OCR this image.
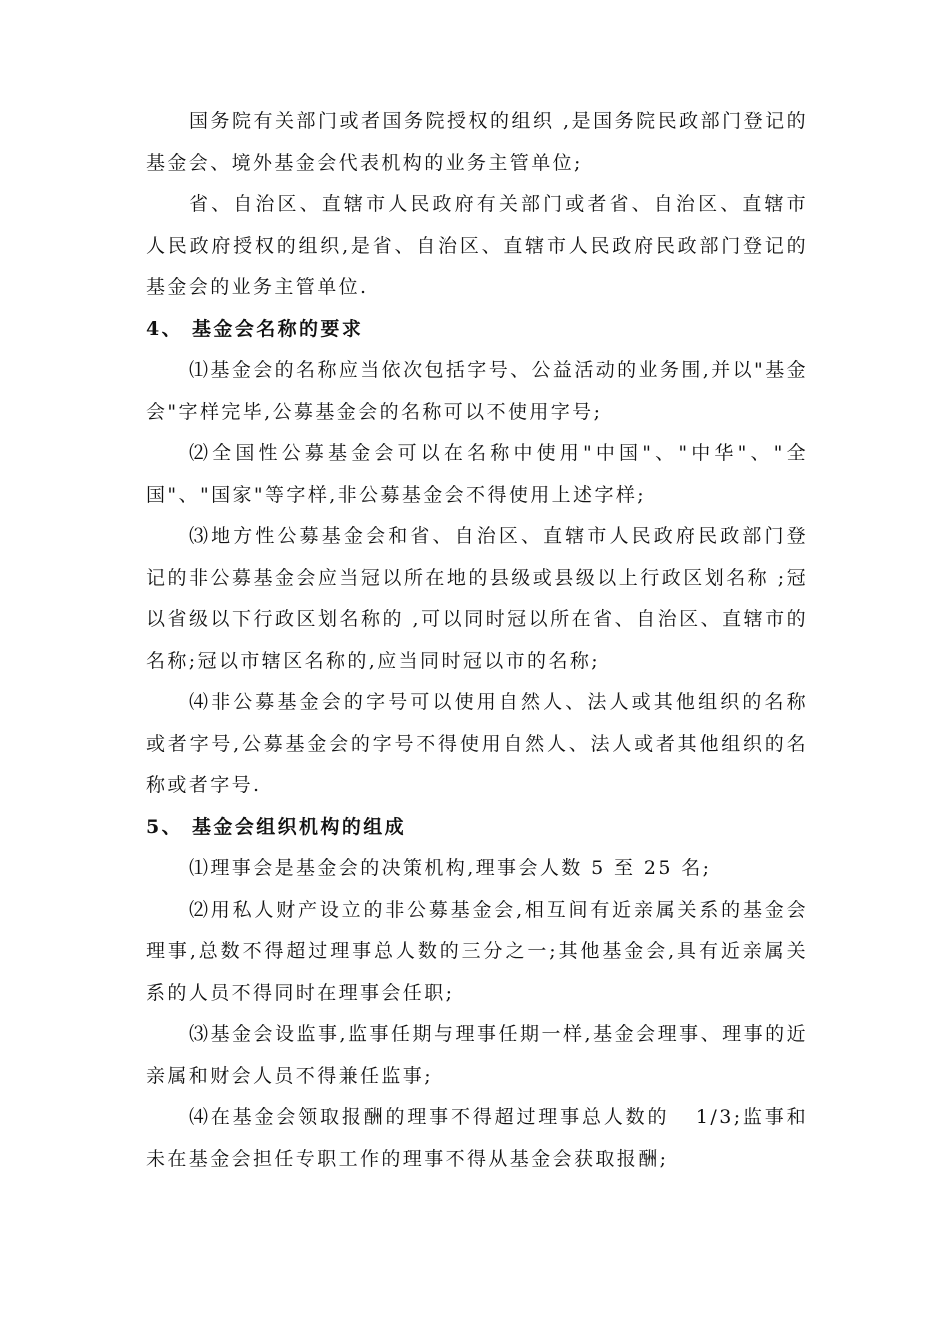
国务院有关部门或者国务院授权的组织 ,是国务院民政部门登记的基金会、境外基金会代表机构的业务主管单位;

省、自治区、直辖市人民政府有关部门或者省、自治区、直辖市人民政府授权的组织,是省、自治区、直辖市人民政府民政部门登记的基金会的业务主管单位.

4、 基金会名称的要求

⑴基金会的名称应当依次包括字号、公益活动的业务围,并以"基金会"字样完毕,公募基金会的名称可以不使用字号;

⑵全国性公募基金会可以在名称中使用"中国"、"中华"、"全国"、"国家"等字样,非公募基金会不得使用上述字样;

⑶地方性公募基金会和省、自治区、直辖市人民政府民政部门登记的非公募基金会应当冠以所在地的县级或县级以上行政区划名称 ;冠以省级以下行政区划名称的 ,可以同时冠以所在省、自治区、直辖市的名称;冠以市辖区名称的,应当同时冠以市的名称;

⑷非公募基金会的字号可以使用自然人、法人或其他组织的名称或者字号,公募基金会的字号不得使用自然人、法人或者其他组织的名称或者字号.

5、 基金会组织机构的组成

⑴理事会是基金会的决策机构,理事会人数 5 至 25 名;

⑵用私人财产设立的非公募基金会,相互间有近亲属关系的基金会理事,总数不得超过理事总人数的三分之一;其他基金会,具有近亲属关系的人员不得同时在理事会任职;

⑶基金会设监事,监事任期与理事任期一样,基金会理事、理事的近亲属和财会人员不得兼任监事;

⑷在基金会领取报酬的理事不得超过理事总人数的   1/3;监事和未在基金会担任专职工作的理事不得从基金会获取报酬;
